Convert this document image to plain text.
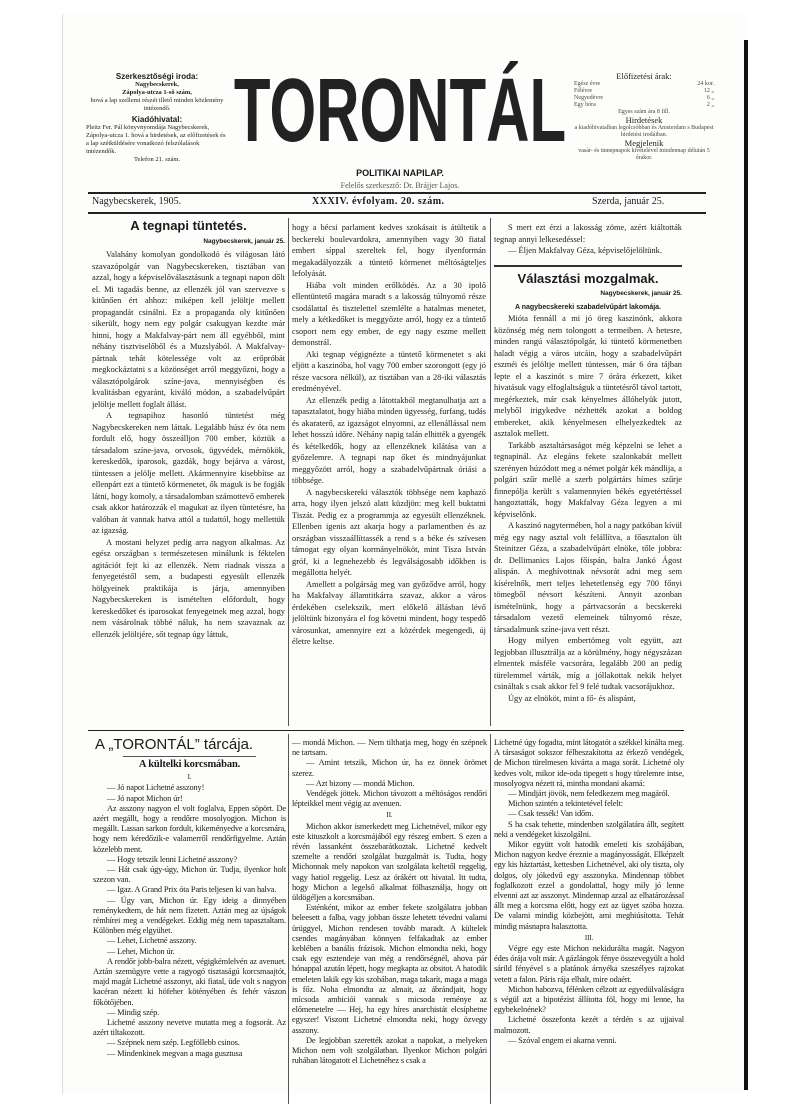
Szerkesztőségi iroda:
Nagybecskerek,
Zápolya-utcza 1-ső szám,
hová a lap szellemi részét illető minden közlemény intézendő.
Kiadóhivatal:
Pleitz Fer. Pál könyvnyomdája Nagybecskerek, Zápolya-utcza 1. hová a hirdetések, az előfizetések és a lap szétküldésére vonatkozó felszólalások intézendők.
Telefon 21. szám. TORONTÁL
POLITIKAI NAPILAP.
Felelős szerkesztő: Dr. Brájjer Lajos.
Előfizetési árak:
Egész évre	24 kor.
Félévre	12 „
Negyedévre	6 „
Egy hóra	2 „
Egyes szám ára 8 fill.
Hirdetések
a kiadóhivatalban legolcsóbban és Amsterdam s Budapest hirdetési irodáiban.
Megjelenik
vasár- és ünnepnapok kivételével mindennap délután 5 órakor.
Nagybecskerek, 1905.	XXXIV. évfolyam. 20. szám.	Szerda, január 25.
A tegnapi tüntetés.
Nagybecskerek, január 25.

Valahány komolyan gondolkodó és világosan látó szavazópolgár van Nagybecskereken, tisztában van azzal, hogy a képviselőválasztásunk a tegnapi napon dőlt el. Mi tagadás benne, az ellenzék jól van szervezve s kitűnően ért ahhoz: miképen kell jelöltje mellett propagandát csinálni. Ez a propaganda oly kitűnően sikerült, hogy nem egy polgár csakugyan kezdte már hinni, hogy a Makfalvay-párt nem áll egyébből, mint néhány tisztviselőből és a Muzslyából. A Makfalvay-pártnak tehát kötelessége volt az erőpróbát megkockáztatni s a közönséget arról meggyőzni, hogy a választópolgárok színe-java, mennyiségben és kvalitásban egyaránt, kiváló módon, a szabadelvűpárt jelöltje mellett foglalt állást.

A tegnapihoz hasonló tüntetést még Nagybecskereken nem láttak. Legalább húsz év óta nem fordult elő, hogy összeálljon 700 ember, köztük a társadalom színe-java, orvosok, ügyvédek, mérnökök, kereskedők, iparosok, gazdák, hogy bejárva a várost, tüntessen a jelölje mellett. Akármennyire kisebbítse az ellenpárt ezt a tüntető körmenetet, ők maguk is be fogják látni, hogy komoly, a társadalomban számottevő emberek csak akkor határozzák el magukat az ilyen tüntetésre, ha valóban át vannak hatva attól a tudattól, hogy mellettük az igazság.

A mostani helyzet pedig arra nagyon alkalmas. Az egész országban s természetesen minálunk is féktelen agitációt fejt ki az ellenzék. Nem riadnak vissza a fenyegetéstől sem, a budapesti egyesült ellenzék hölgyeinek praktikája is járja, amennyiben Nagybecskereken is ismételten előfordult, hogy kereskedőket és iparosokat fenyegetnek meg azzal, hogy nem vásárolnak többé náluk, ha nem szavaznak az ellenzék jelöltjére, sőt tegnap úgy láttuk,

hogy a bécsi parlament kedves szokásait is átültetik a beckereki boulevardokra, amennyiben vagy 30 fiatal embert síppal szereltek fel, hogy ilyenformán megakadályozzák a tüntető körmenet méltóságteljes lefolyását.

Hiába volt minden erőlködés. Az a 30 ipolő ellentüntető magára maradt s a lakosság túlnyomó része csodálattal és tisztelettel szemlélte a hatalmas menetet, mely a kétkedőket is meggyőzte arról, hogy ez a tüntető csoport nem egy ember, de egy nagy eszme mellett demonstrál.

Aki tegnap végignézte a tüntető körmenetet s aki eljött a kaszinóba, hol vagy 700 ember szorongott (egy jó része vacsora nélkül), az tisztában van a 28-iki választás eredményével.

Az ellenzék pedig a látottakból megtanulhatja azt a tapasztalatot, hogy hiába minden ügyesség, furfang, tudás és akaraterő, az igazságot elnyomni, az ellenállással nem lehet hosszú időre. Néhány napig talán elhitték a gyengék és kételkedők, hogy az ellenzéknek kilátása van a győzelemre. A tegnapi nap őket és mindnyájunkat meggyőzött arról, hogy a szabadelvűpártnak óriási a többsége.

A nagybecskereki választók többsége nem kaphazó arra, hogy ilyen jelszó alatt küzdjön: meg kell buktatni Tiszát. Pedig ez a programmja az egyesült ellenzéknek. Ellenben igenis azt akarja hogy a parlamentben és az országban visszaállíttassék a rend s a béke és szívesen támogat egy olyan kormányelnököt, mint Tisza István gróf, ki a legnehezebb és legválságosabb időkben is megállotta helyét.

Amellett a polgárság meg van győződve arról, hogy ha Makfalvay államtitkárra szavaz, akkor a város érdekében cselekszik, mert előkelő állásban lévő jelöltünk bizonyára el fog követni mindent, hogy tespedő városunkat, amennyire ezt a közérdek megengedi, új életre keltse.

S mert ezt érzi a lakosság zöme, azért kiáltották tegnap annyi lelkesedéssel:

— Éljen Makfalvay Géza, képviselőjelöltünk.

Választási mozgalmak.
Nagybecskerek, január 25.
A nagybecskereki szabadelvűpárt lakomája.

Mióta fennáll a mi jó öreg kaszinónk, akkora közönség még nem tolongott a termeiben. A hetesre, minden rangú választópolgár, ki tüntető körmenetben haladt végig a város utcáin, hogy a szabadelvűpárt eszméi és jelöltje mellett tüntessen, már 6 óra tájban lepte el a kaszinót s mire 7 órára érkezett, kiket hivatásuk vagy elfoglaltságuk a tüntetésről távol tartott, megérkeztek, már csak kényelmes állóhelyük jutott, melyből irigykedve nézhették azokat a boldog embereket, akik kényelmesen elhelyezkedtek az asztalok mellett.

Tarkább asztaltársaságot még képzelni se lehet a tegnapinál. Az elegáns fekete szalonkabát mellett szerényen húzódott meg a német polgár kék mándlija, a polgári szűr mellé a szerb polgártárs hímes szűrje finnepólja került s valamennyien békés egyetértéssel hangoztatták, hogy Makfalvay Géza legyen a mi képviselőnk.

A kaszinó nagytermében, hol a nagy patkóban kívül még egy nagy asztal volt felállítva, a főasztalon ült Steinitzer Géza, a szabadelvűpárt elnöke, tőle jobbra: dr. Dellimanics Lajos főispán, balra Jankó Ágost alispán. A meghívottnak névsorát adni meg sem kísérelnők, mert teljes lehetetlenség egy 700 főnyi tömegből névsort készíteni. Annyit azonban ismételnünk, hogy a pártvacsorán a becskereki társadalom vezető elemeinek túlnyomó része, társadalmunk színe-java vett részt.

Hogy milyen embertömeg volt együtt, azt legjobban illusztrálja az a körülmény, hogy négyszázan elmentek másféle vacsorára, legalább 200 an pedig türelemmel várták, míg a jóllakottak nekik helyet csináltak s csak akkor fel 9 felé tudtak vacsorájukhoz.

Úgy az elnököt, mint a fő- és alispánt,

A „TORONTÁL” tárcája.
A kültelki korcsmában.
I.

— Jó napot Lichetné asszony!

— Jó napot Michon úr!

Az asszony nagyon el volt foglalva, Eppen söpört. De azért megállt, hogy a rendőrre mosolyogjon. Michon is megállt. Lassan sarkon fordult, kikeményedve a korcsmára, hogy nem kéredőzik-e valamerről rendőrfigyelme. Aztán közelebb ment.

— Hogy tetszik lenni Lichetné asszony?

— Hát csak úgy-úgy, Michon úr. Tudja, ilyenkor holt szezon van.

— Igaz. A Grand Prix óta Paris teljesen ki van halva.

— Úgy van, Michon úr. Egy ideig a dinnyében reménykedtem, de hát nem fizetett. Aztán meg az újságok rémhírei meg a vendégeket. Eddig még nem tapasztaltam. Különben még elgyühet.

— Lehet, Lichetné asszony.

— Lehet, Michon úr.

A rendőr jobb-balra nézett, végigkémlelvén az avenuet. Aztán szemügyre vette a ragyogó tisztaságú korcsmaajtót, majd magát Lichetné asszonyt, aki fiatal, üde volt s nagyon kacéran nézett ki höfeher kötényében és fehér vászon főkötőjében.

— Mindig szép.

Lichetné asszony nevetve mutatta meg a fogsorát. Az azért tiltakozott.

— Szépnek nem szép. Legföllebb csinos.

— Mindenkinek megvan a maga gusztusa

— mondá Michon. — Nem tilthatja meg, hogy én szépnek ne tartsam.

— Amint tetszik, Michon úr, ha ez önnek örömet szerez.

— Azt bizony — mondá Michon.

Vendégek jöttek. Michon távozott a méltóságos rendőri lépteikkel ment végig az avenuen.

II.

Michon akkor ismerkedett meg Lichetnével, mikor egy este kituszkolt a korcsmájából egy részeg embert. S ezen a révén lassanként összebarátkoztak. Lichetné kedvelt szemelte a rendőri szolgálat buzgalmát is. Tudta, hogy Michonnak mely napokon van szolgálata keltetől reggelig, vagy hatiol reggelig. Lesz az órákért ott hivatal. Itt tudta, hogy Michon a legelső alkalmat fölhasználja, hogy ott üldögéljen a korcsmában.

Esténként, mikor az ember fekete szolgálatra jobban beleesett a falba, vagy jobban össze lehetett tévedni valami ürüggyel, Michon rendesen tovább maradt. A kültelek csendes magányában könnyen felfakadtak az ember keblében a banális frázisok. Michon elmondta neki, hogy csak egy esztendeje van még a rendőrségnél, ahova pár hónappal azután lépett, hogy megkapta az obsitot. A hatodik emeleten lakik egy kis szobában, maga takarít, maga a maga is főz. Noha elmondta az almait, az ábrándjait, hogy mícsoda ambiciói vannak s micsoda reménye az előmenetelre — Hej, ha egy híres anarchistát elcsíphetne egyszer! Viszont Lichetné elmondta neki, hogy özvegy asszony.

De legjobban szerették azokat a napokat, a melyeken Michon nem volt szolgálatban. Ilyenkor Michon polgári ruhában látogatott el Lichetnéhez s csak a

Lichetné úgy fogadta, mint látogatót a székkel kínálta meg. A társaságot sokszor félbeszakította az érkező vendégek, de Michon türelmesen kivárta a maga sorát. Lichetné oly kedves volt, mikor ide-oda tipegett s hogy türelemre intse, mosolyogva nézett rá, mintha mondani akarná:

— Mindjárt jövök, nem feledkezem meg magáról.

Michon szintén a tekintetével felelt:

— Csak tessék! Van időm.

S ha csak tehette, mindenben szolgálatára állt, segített neki a vendégeket kiszolgálni.

Mikor együtt volt hatodik emeleti kis szobájában, Michon nagyon kedve éreznie a magányosságát. Elképzelt egy kis háztartást, kettesben Lichetnével, aki oly tiszta, oly dolgos, oly jókedvű egy asszonyka. Mindennap többet foglalkozott ezzel a gondolattal, hogy mily jó lenne elvenni azt az asszonyt. Mindennap azzal az elhatározással állt meg a korcsma előtt, hogy ezt az ügyet szóba hozza. De valami mindig közbejött, ami meghiúsította. Tehát mindig másnapra halasztotta.

III.

Végre egy este Michon nekidurálta magát. Nagyon édes órája volt már. A gázlángok fénye összevegyült a hold sárild fényével s a platánok árnyéka szeszélyes rajzokat vetett a falon. Páris rája elhalt, mire odaért.

Michon habozva, félénken célzott az egyedülvaláságra s végül azt a hipotézist állította föl, hogy mi lenne, ha egybekelnének?

Lichetné összefonta kezét a térdén s az ujjaival malmozott.

— Szóval engem ei akarna venni.
